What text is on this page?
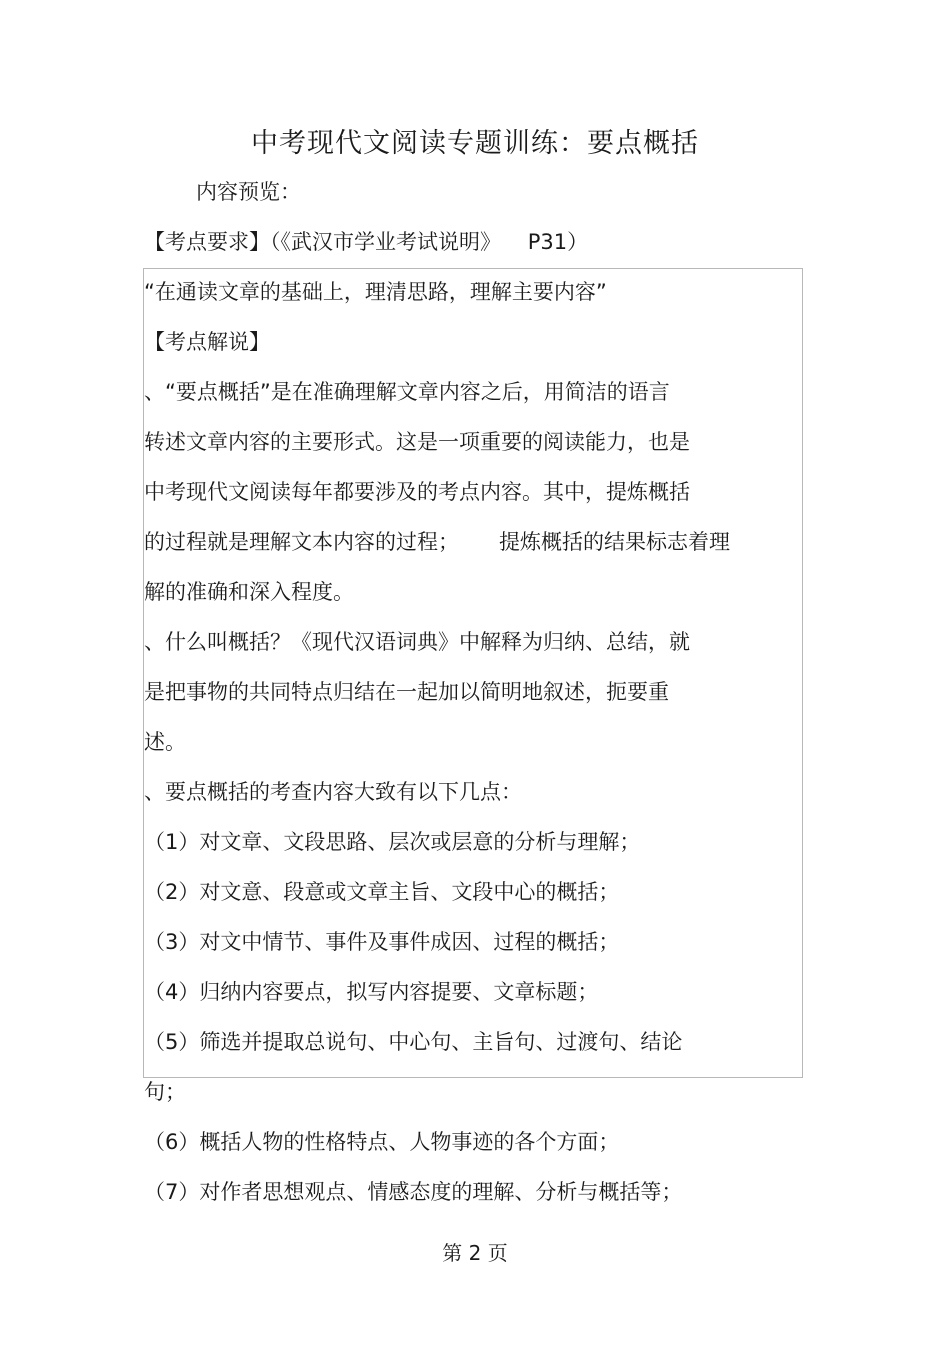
中考现代文阅读专题训练：要点概括

内容预览：

【考点要求】（《武汉市学业考试说明》    P31）

“在通读文章的基础上，理清思路，理解主要内容”

【考点解说】

、“要点概括”是在准确理解文章内容之后，用简洁的语言

转述文章内容的主要形式。这是一项重要的阅读能力，也是

中考现代文阅读每年都要涉及的考点内容。其中，提炼概括

的过程就是理解文本内容的过程；      提炼概括的结果标志着理

解的准确和深入程度。

、什么叫概括？《现代汉语词典》中解释为归纳、总结，就

是把事物的共同特点归结在一起加以简明地叙述，扼要重

述。

、要点概括的考查内容大致有以下几点：

（1）对文章、文段思路、层次或层意的分析与理解；

（2）对文意、段意或文章主旨、文段中心的概括；

（3）对文中情节、事件及事件成因、过程的概括；

（4）归纳内容要点，拟写内容提要、文章标题；

（5）筛选并提取总说句、中心句、主旨句、过渡句、结论

句；

（6）概括人物的性格特点、人物事迹的各个方面；

（7）对作者思想观点、情感态度的理解、分析与概括等；

第 2 页
